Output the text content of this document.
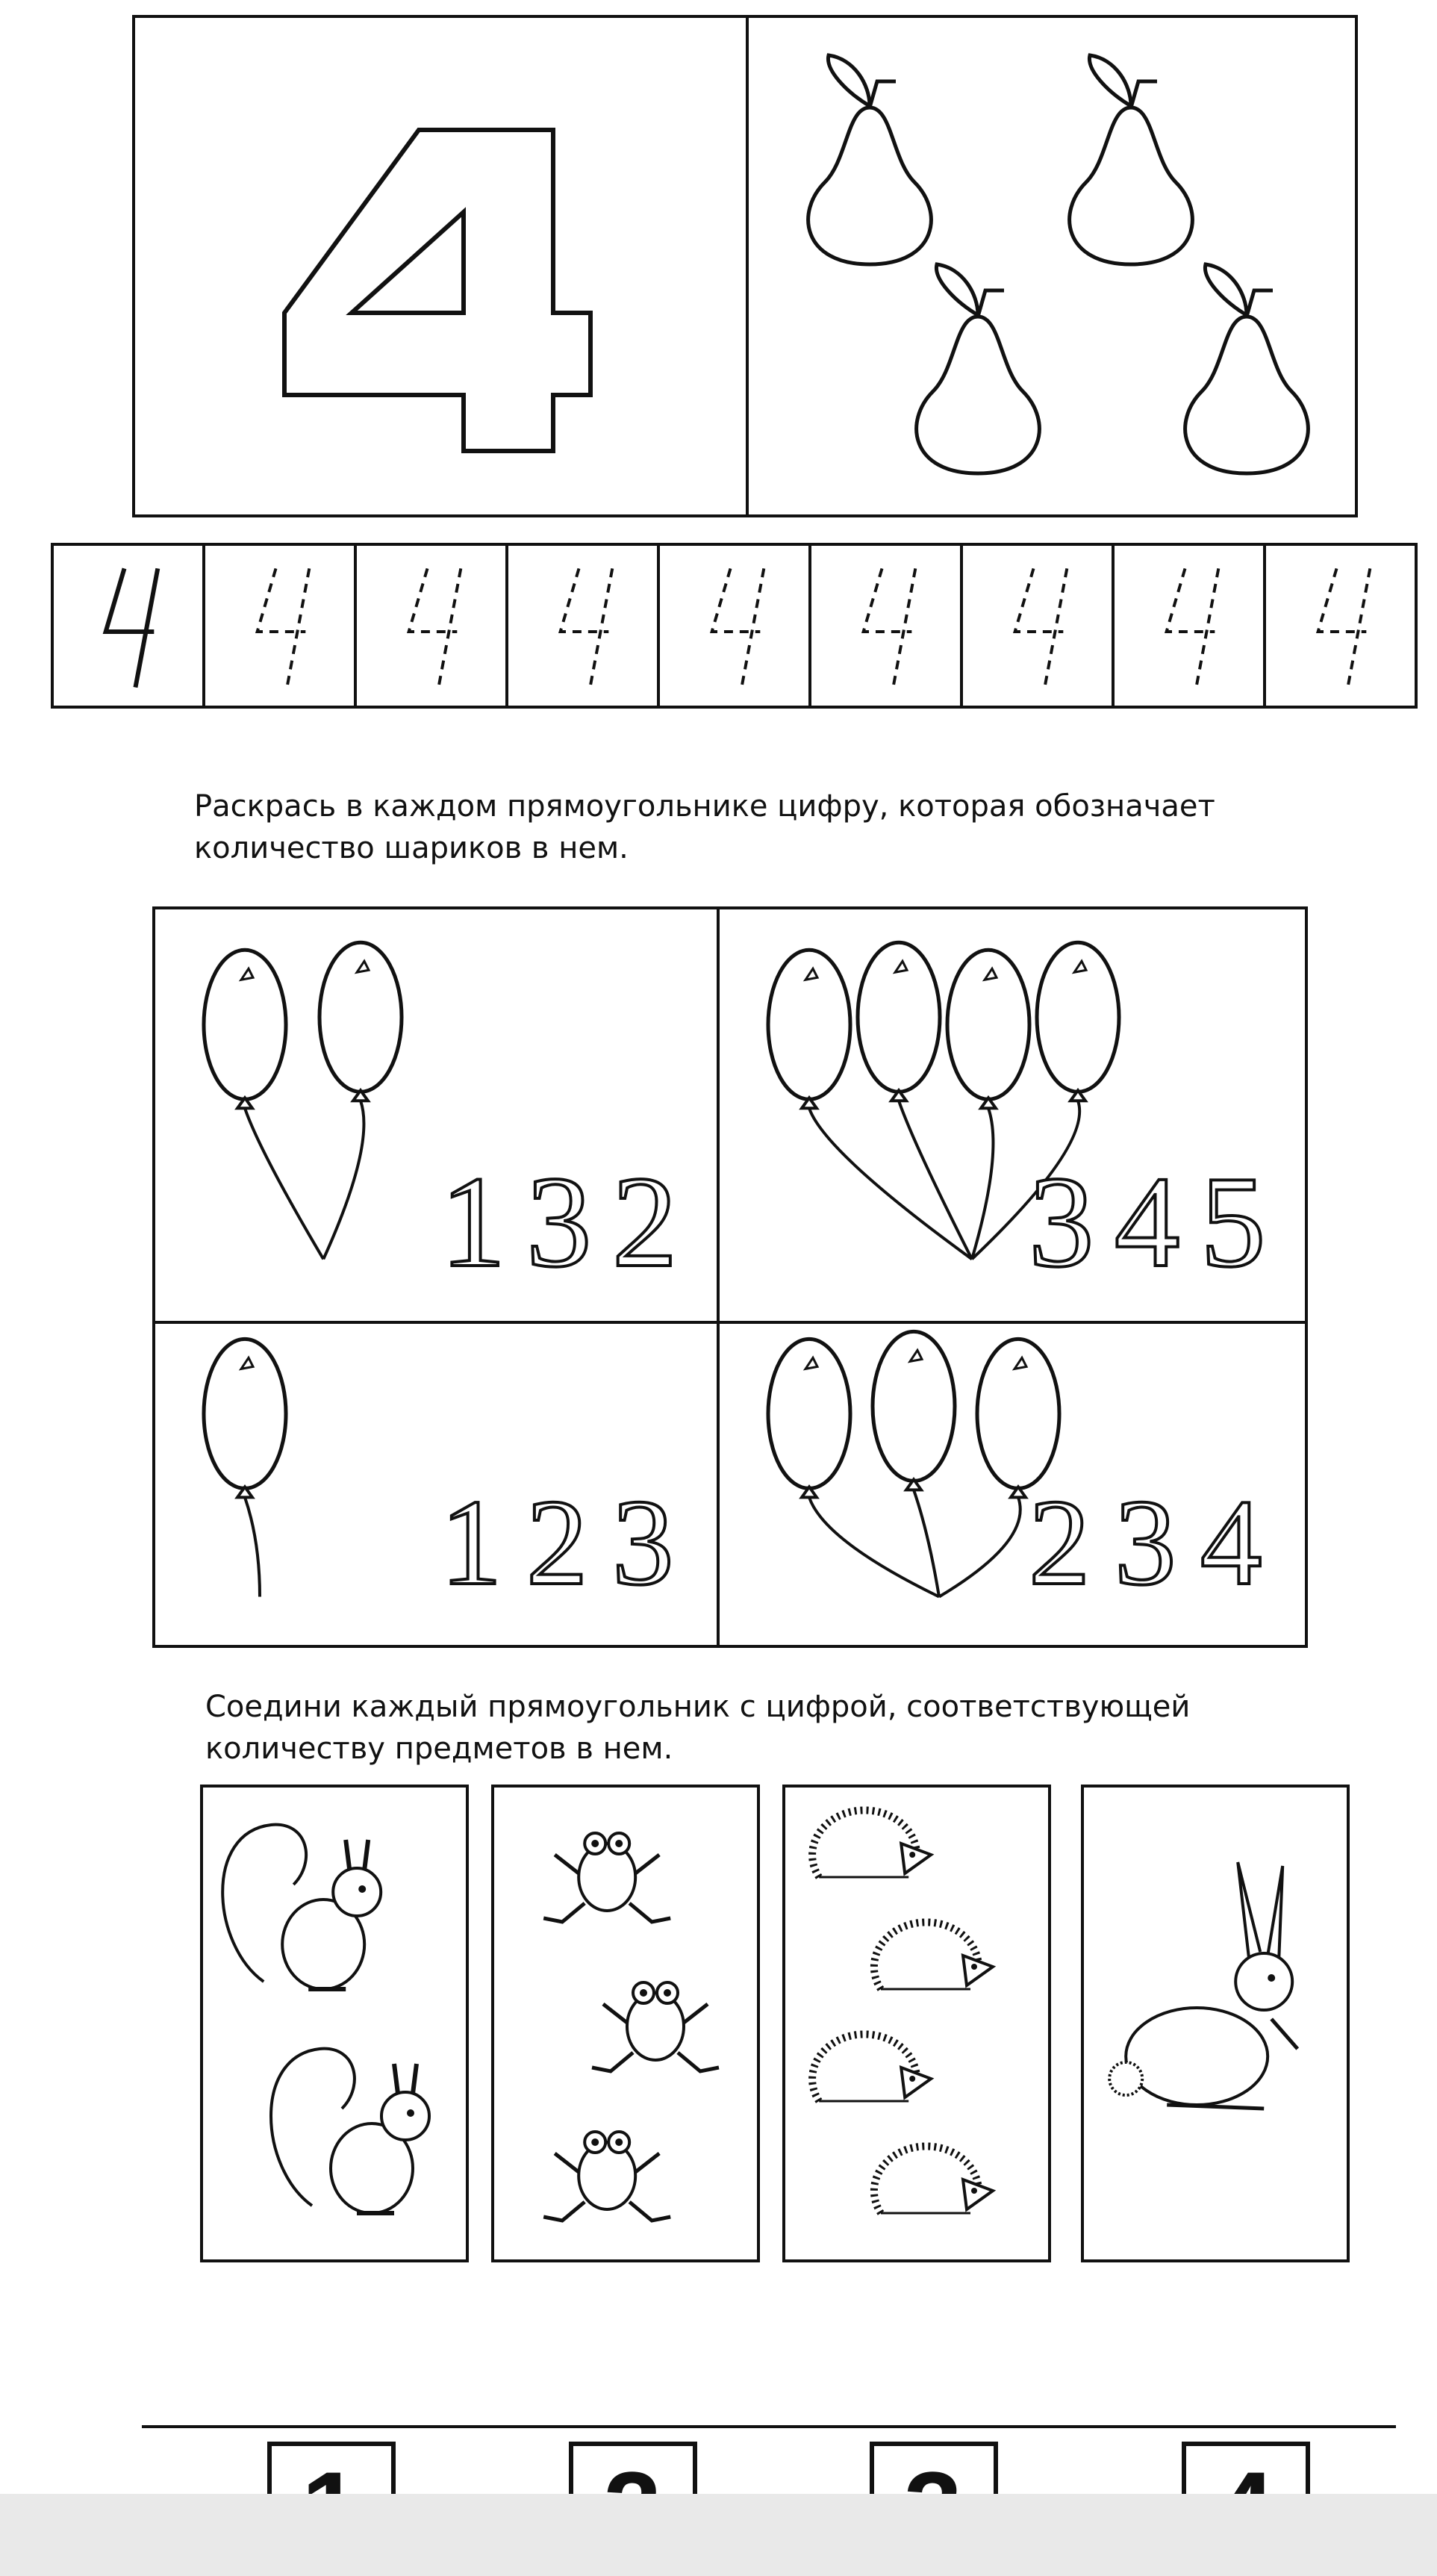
Раскрась в каждом прямоугольнике цифру, которая обозначает количество шариков в нем.

1 3 2	3 4 5
1 2 3	2 3 4

Соедини каждый прямоугольник с цифрой, соответствующей количеству предметов в нем.
